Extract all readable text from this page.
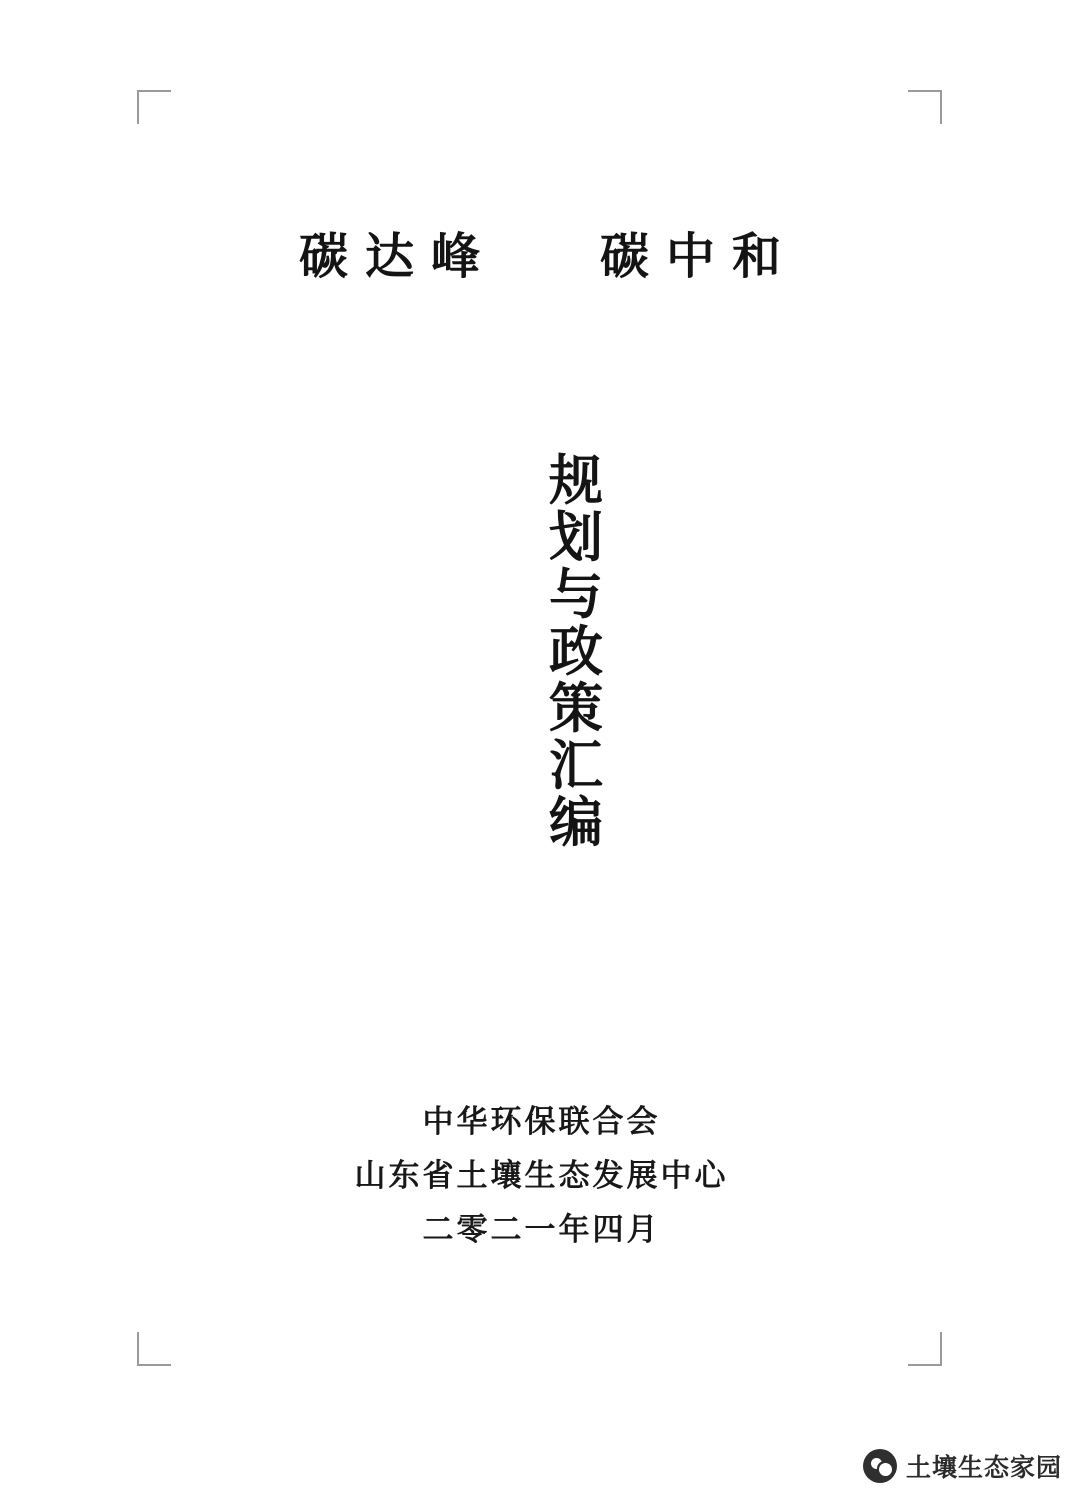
碳达峰	碳中和
规
划
与
政
策
汇
编
中华环保联合会
山东省土壤生态发展中心
二零二一年四月
土壤生态家园
